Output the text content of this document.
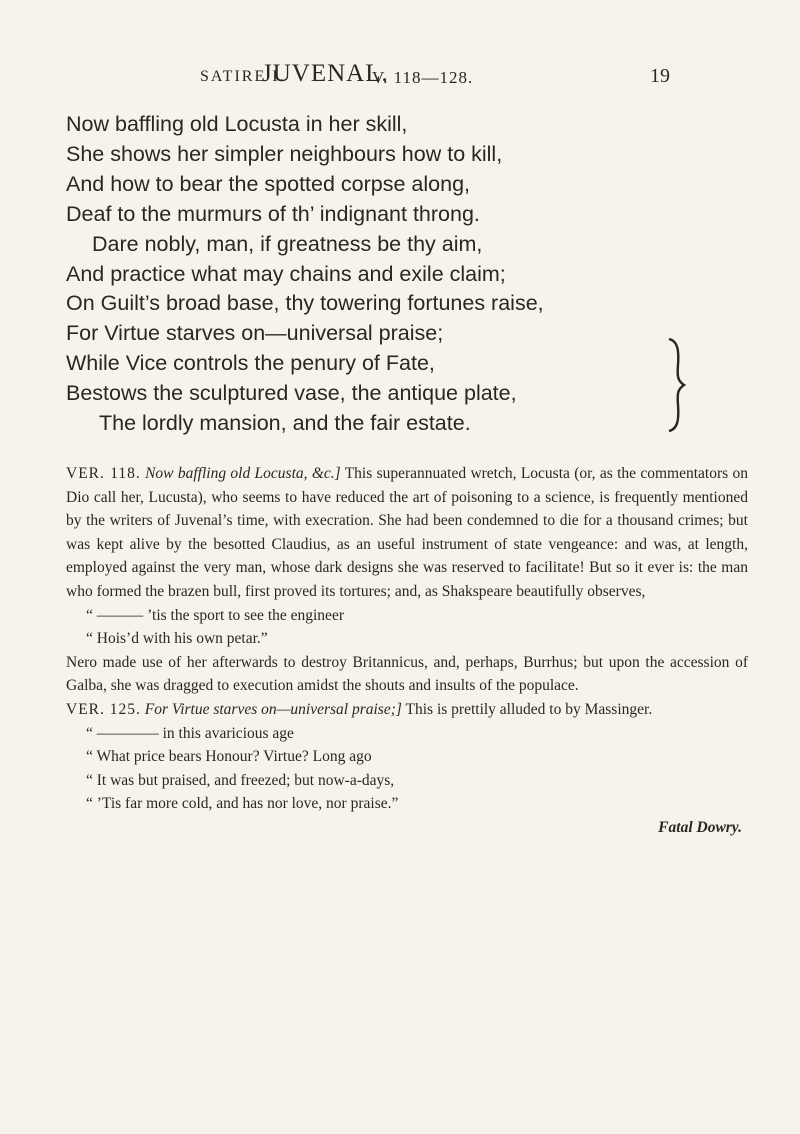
SATIRE I.
JUVENAL.
V. 118—128.	19
Now baffling old Locusta in her skill,
She shows her simpler neighbours how to kill,
And how to bear the spotted corpse along,
Deaf to the murmurs of th’ indignant throng.
Dare nobly, man, if greatness be thy aim,
And practice what may chains and exile claim;
On Guilt’s broad base, thy towering fortunes raise,
For Virtue starves on—universal praise;
While Vice controls the penury of Fate,
Bestows the sculptured vase, the antique plate,
The lordly mansion, and the fair estate.

VER. 118. Now baffling old Locusta, &c.] This superannuated wretch, Locusta (or, as the commentators on Dio call her, Lucusta), who seems to have reduced the art of poisoning to a science, is frequently mentioned by the writers of Juvenal’s time, with execration. She had been condemned to die for a thousand crimes; but was kept alive by the besotted Claudius, as an useful instrument of state vengeance: and was, at length, employed against the very man, whose dark designs she was reserved to facilitate! But so it ever is: the man who formed the brazen bull, first proved its tortures; and, as Shakspeare beautifully observes,

“ ——— ’tis the sport to see the engineer
“ Hois’d with his own petar.”

Nero made use of her afterwards to destroy Britannicus, and, perhaps, Burrhus; but upon the accession of Galba, she was dragged to execution amidst the shouts and insults of the populace.

VER. 125. For Virtue starves on—universal praise;] This is prettily alluded to by Massinger.

“ ———— in this avaricious age
“ What price bears Honour? Virtue? Long ago
“ It was but praised, and freezed; but now-a-days,
“ ’Tis far more cold, and has nor love, nor praise.”
Fatal Dowry.
